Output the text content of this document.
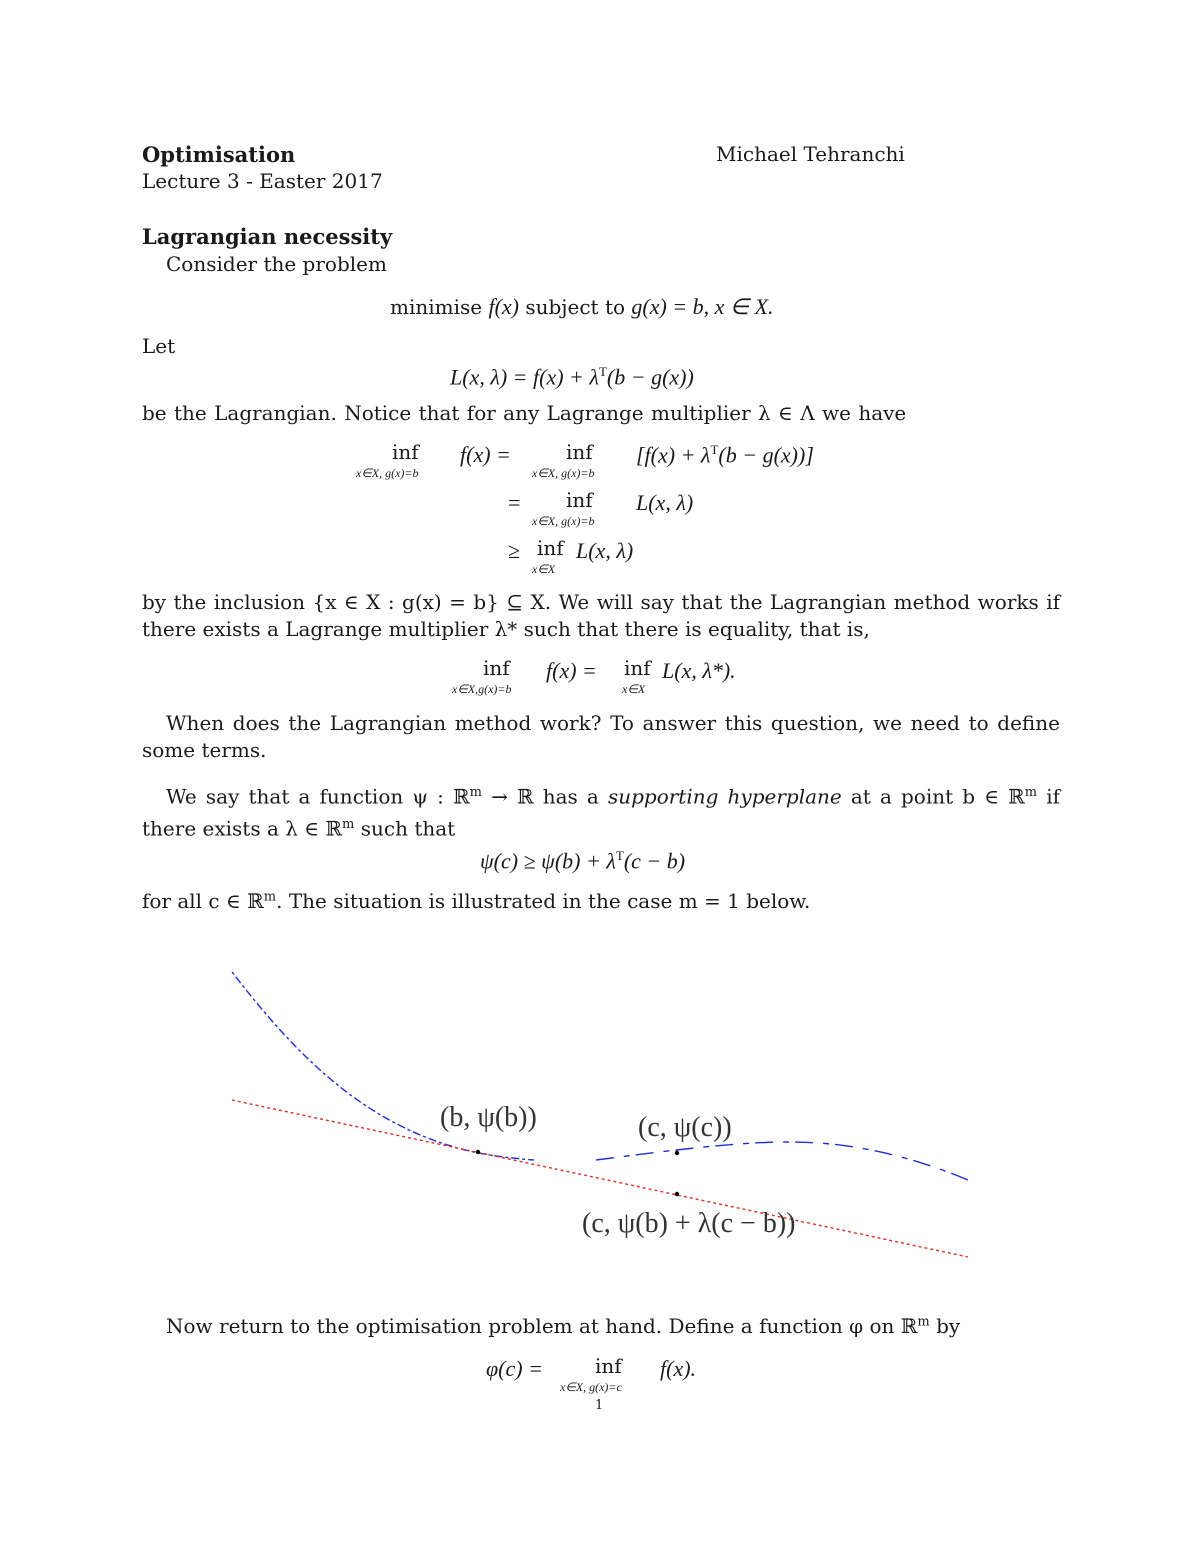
Optimisation	Michael Tehranchi
Lecture 3 - Easter 2017
Lagrangian necessity
Consider the problem
minimise f(x) subject to g(x) = b, x ∈ X.
Let
L(x, $\lambda) = f(x) + \lambda^T(b - g(x))$
be the Lagrangian. Notice that for any Lagrange multiplier λ ∈ Λ we have
inf
x∈X, g(x)=b
f(x) =	inf
x∈X, g(x)=b
$[f(x) + \lambda^T(b - g(x))]$
= inf
x∈X, g(x)=b
L(x, λ)
≥ inf
x∈X
L(x, λ)
by the inclusion {x ∈ X : g(x) = b} ⊆ X. We will say that the Lagrangian method works if
there exists a Lagrange multiplier λ* such that there is equality, that is,
inf
x∈X,g(x)=b
f(x) = inf
x∈X
L(x, λ*).
When does the Lagrangian method work? To answer this question, we need to define
some terms.
We say that a function ψ : ℝ$^m$ → ℝ has a supporting hyperplane at a point b ∈ ℝ$^m$ if
there exists a λ ∈ ℝ$^m$ such that
$\psi(c) \ge \psi(b) + \lambda^T(c - b)$
for all c ∈ ℝ$^m$. The situation is illustrated in the case m = 1 below.
(b, ψ(b))	(c, ψ(c))
(c, ψ(b) + λ(c − b))
Now return to the optimisation problem at hand. Define a function φ on ℝ$^m$ by
φ(c) =	inf
x∈X, g(x)=c
f(x).
1
